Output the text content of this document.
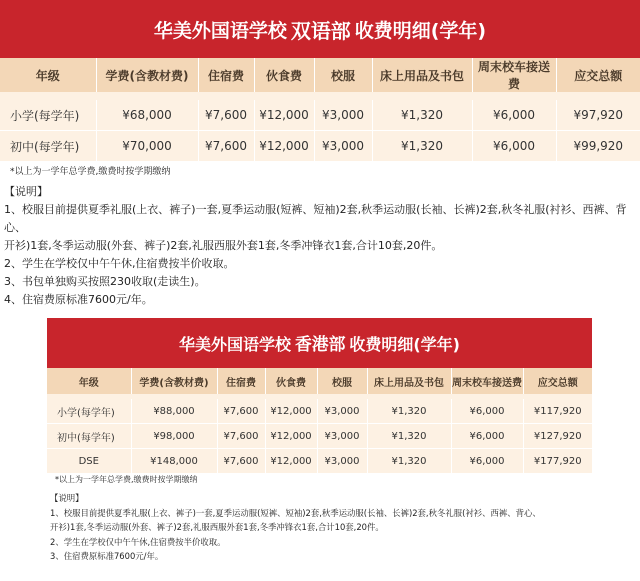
华美外国语学校 双语部 收费明细(学年)
年级	学费(含教材费)	住宿费	伙食费	校服	床上用品及书包	周末校车接送费	应交总额

小学(每学年)	¥68,000	¥7,600	¥12,000	¥3,000	¥1,320	¥6,000	¥97,920
初中(每学年)	¥70,000	¥7,600	¥12,000	¥3,000	¥1,320	¥6,000	¥99,920
*以上为一学年总学费,缴费时按学期缴纳

【说明】

1、校服目前提供夏季礼服(上衣、裤子)一套,夏季运动服(短裤、短袖)2套,秋季运动服(长袖、长裤)2套,秋冬礼服(衬衫、西裤、背心、

开衫)1套,冬季运动服(外套、裤子)2套,礼服西服外套1套,冬季冲锋衣1套,合计10套,20件。

2、学生在学校仅中午午休,住宿费按半价收取。

3、书包单独购买按照230收取(走读生)。

4、住宿费原标准7600元/年。

华美外国语学校 香港部 收费明细(学年)
年级	学费(含教材费)	住宿费	伙食费	校服	床上用品及书包	周末校车接送费	应交总额

小学(每学年)	¥88,000	¥7,600	¥12,000	¥3,000	¥1,320	¥6,000	¥117,920
初中(每学年)	¥98,000	¥7,600	¥12,000	¥3,000	¥1,320	¥6,000	¥127,920
DSE	¥148,000	¥7,600	¥12,000	¥3,000	¥1,320	¥6,000	¥177,920
*以上为一学年总学费,缴费时按学期缴纳

【说明】

1、校服目前提供夏季礼服(上衣、裤子)一套,夏季运动服(短裤、短袖)2套,秋季运动服(长袖、长裤)2套,秋冬礼服(衬衫、西裤、背心、

开衫)1套,冬季运动服(外套、裤子)2套,礼服西服外套1套,冬季冲锋衣1套,合计10套,20件。

2、学生在学校仅中午午休,住宿费按半价收取。

3、住宿费原标准7600元/年。
